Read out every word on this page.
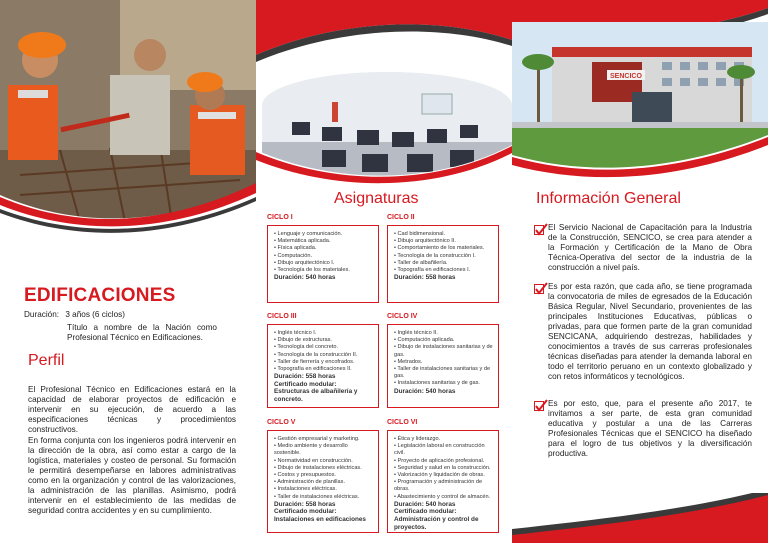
EDIFICACIONES
Duración: 3 años (6 ciclos)
Título a nombre de la Nación como Profesional Técnico en Edificaciones.
Perfil
El Profesional Técnico en Edificaciones estará en la capacidad de elaborar proyectos de edificación e intervenir en su ejecución, de acuerdo a las especificaciones técnicas y procedimientos constructivos.
En forma conjunta con los ingenieros podrá intervenir en la dirección de la obra, así como estar a cargo de la logística, materiales y costeo de personal. Su formación le permitirá desempeñarse en labores administrativas como en la organización y control de las valorizaciones, la administración de las planillas. Asimismo, podrá intervenir en el establecimiento de las medidas de seguridad contra accidentes y en su cumplimiento.
Asignaturas
CICLO I
• Lenguaje y comunicación.
• Matemática aplicada.
• Física aplicada.
• Computación.
• Dibujo arquitectónico I.
• Tecnología de los materiales.
Duración: 540 horas
CICLO II
• Cad bidimensional.
• Dibujo arquitectónico II.
• Comportamiento de los materiales.
• Tecnología de la construcción I.
• Taller de albañilería.
• Topografía en edificaciones I.
Duración: 558 horas
CICLO III
• Inglés técnico I.
• Dibujo de estructuras.
• Tecnología del concreto.
• Tecnología de la construcción II.
• Taller de fierrería y encofrados.
• Topografía en edificaciones II.
Duración: 558 horas
Certificado modular: Estructuras de albañilería y concreto.
CICLO IV
• Inglés técnico II.
• Computación aplicada.
• Dibujo de instalaciones sanitarias y de gas.
• Metrados.
• Taller de instalaciones sanitarias y de gas.
• Instalaciones sanitarias y de gas.
Duración: 540 horas
CICLO V
• Gestión empresarial y marketing.
• Medio ambiente y desarrollo sostenible.
• Normatividad en construcción.
• Dibujo de instalaciones eléctricas.
• Costos y presupuestos.
• Administración de planillas.
• Instalaciones eléctricas.
• Taller de instalaciones eléctricas.
Duración: 558 horas
Certificado modular: Instalaciones en edificaciones
CICLO VI
• Ética y liderazgo.
• Legislación laboral en construcción civil.
• Proyecto de aplicación profesional.
• Seguridad y salud en la construcción.
• Valorización y liquidación de obras.
• Programación y administración de obras.
• Abastecimiento y control de almacén.
Duración: 540 horas
Certificado modular: Administración y control de proyectos.
SENCICO
Información General
El Servicio Nacional de Capacitación para la Industria de la Construcción, SENCICO, se crea para atender a la Formación y Certificación de la Mano de Obra Técnica-Operativa del sector de la industria de la construcción a nivel país.
Es por esta razón, que cada año, se tiene programada la convocatoria de miles de egresados de la Educación Básica Regular, Nivel Secundario, provenientes de las principales Instituciones Educativas, públicas o privadas, para que formen parte de la gran comunidad SENCICANA, adquiriendo destrezas, habilidades y conocimientos a través de sus carreras profesionales técnicas diseñadas para atender la demanda laboral en todo el territorio peruano en un contexto globalizado y con retos informáticos y tecnológicos.
Es por esto, que, para el presente año 2017, te invitamos a ser parte, de esta gran comunidad educativa y postular a una de las Carreras Profesionales Técnicas que el SENCICO ha diseñado para el logro de tus objetivos y la diversificación productiva.
